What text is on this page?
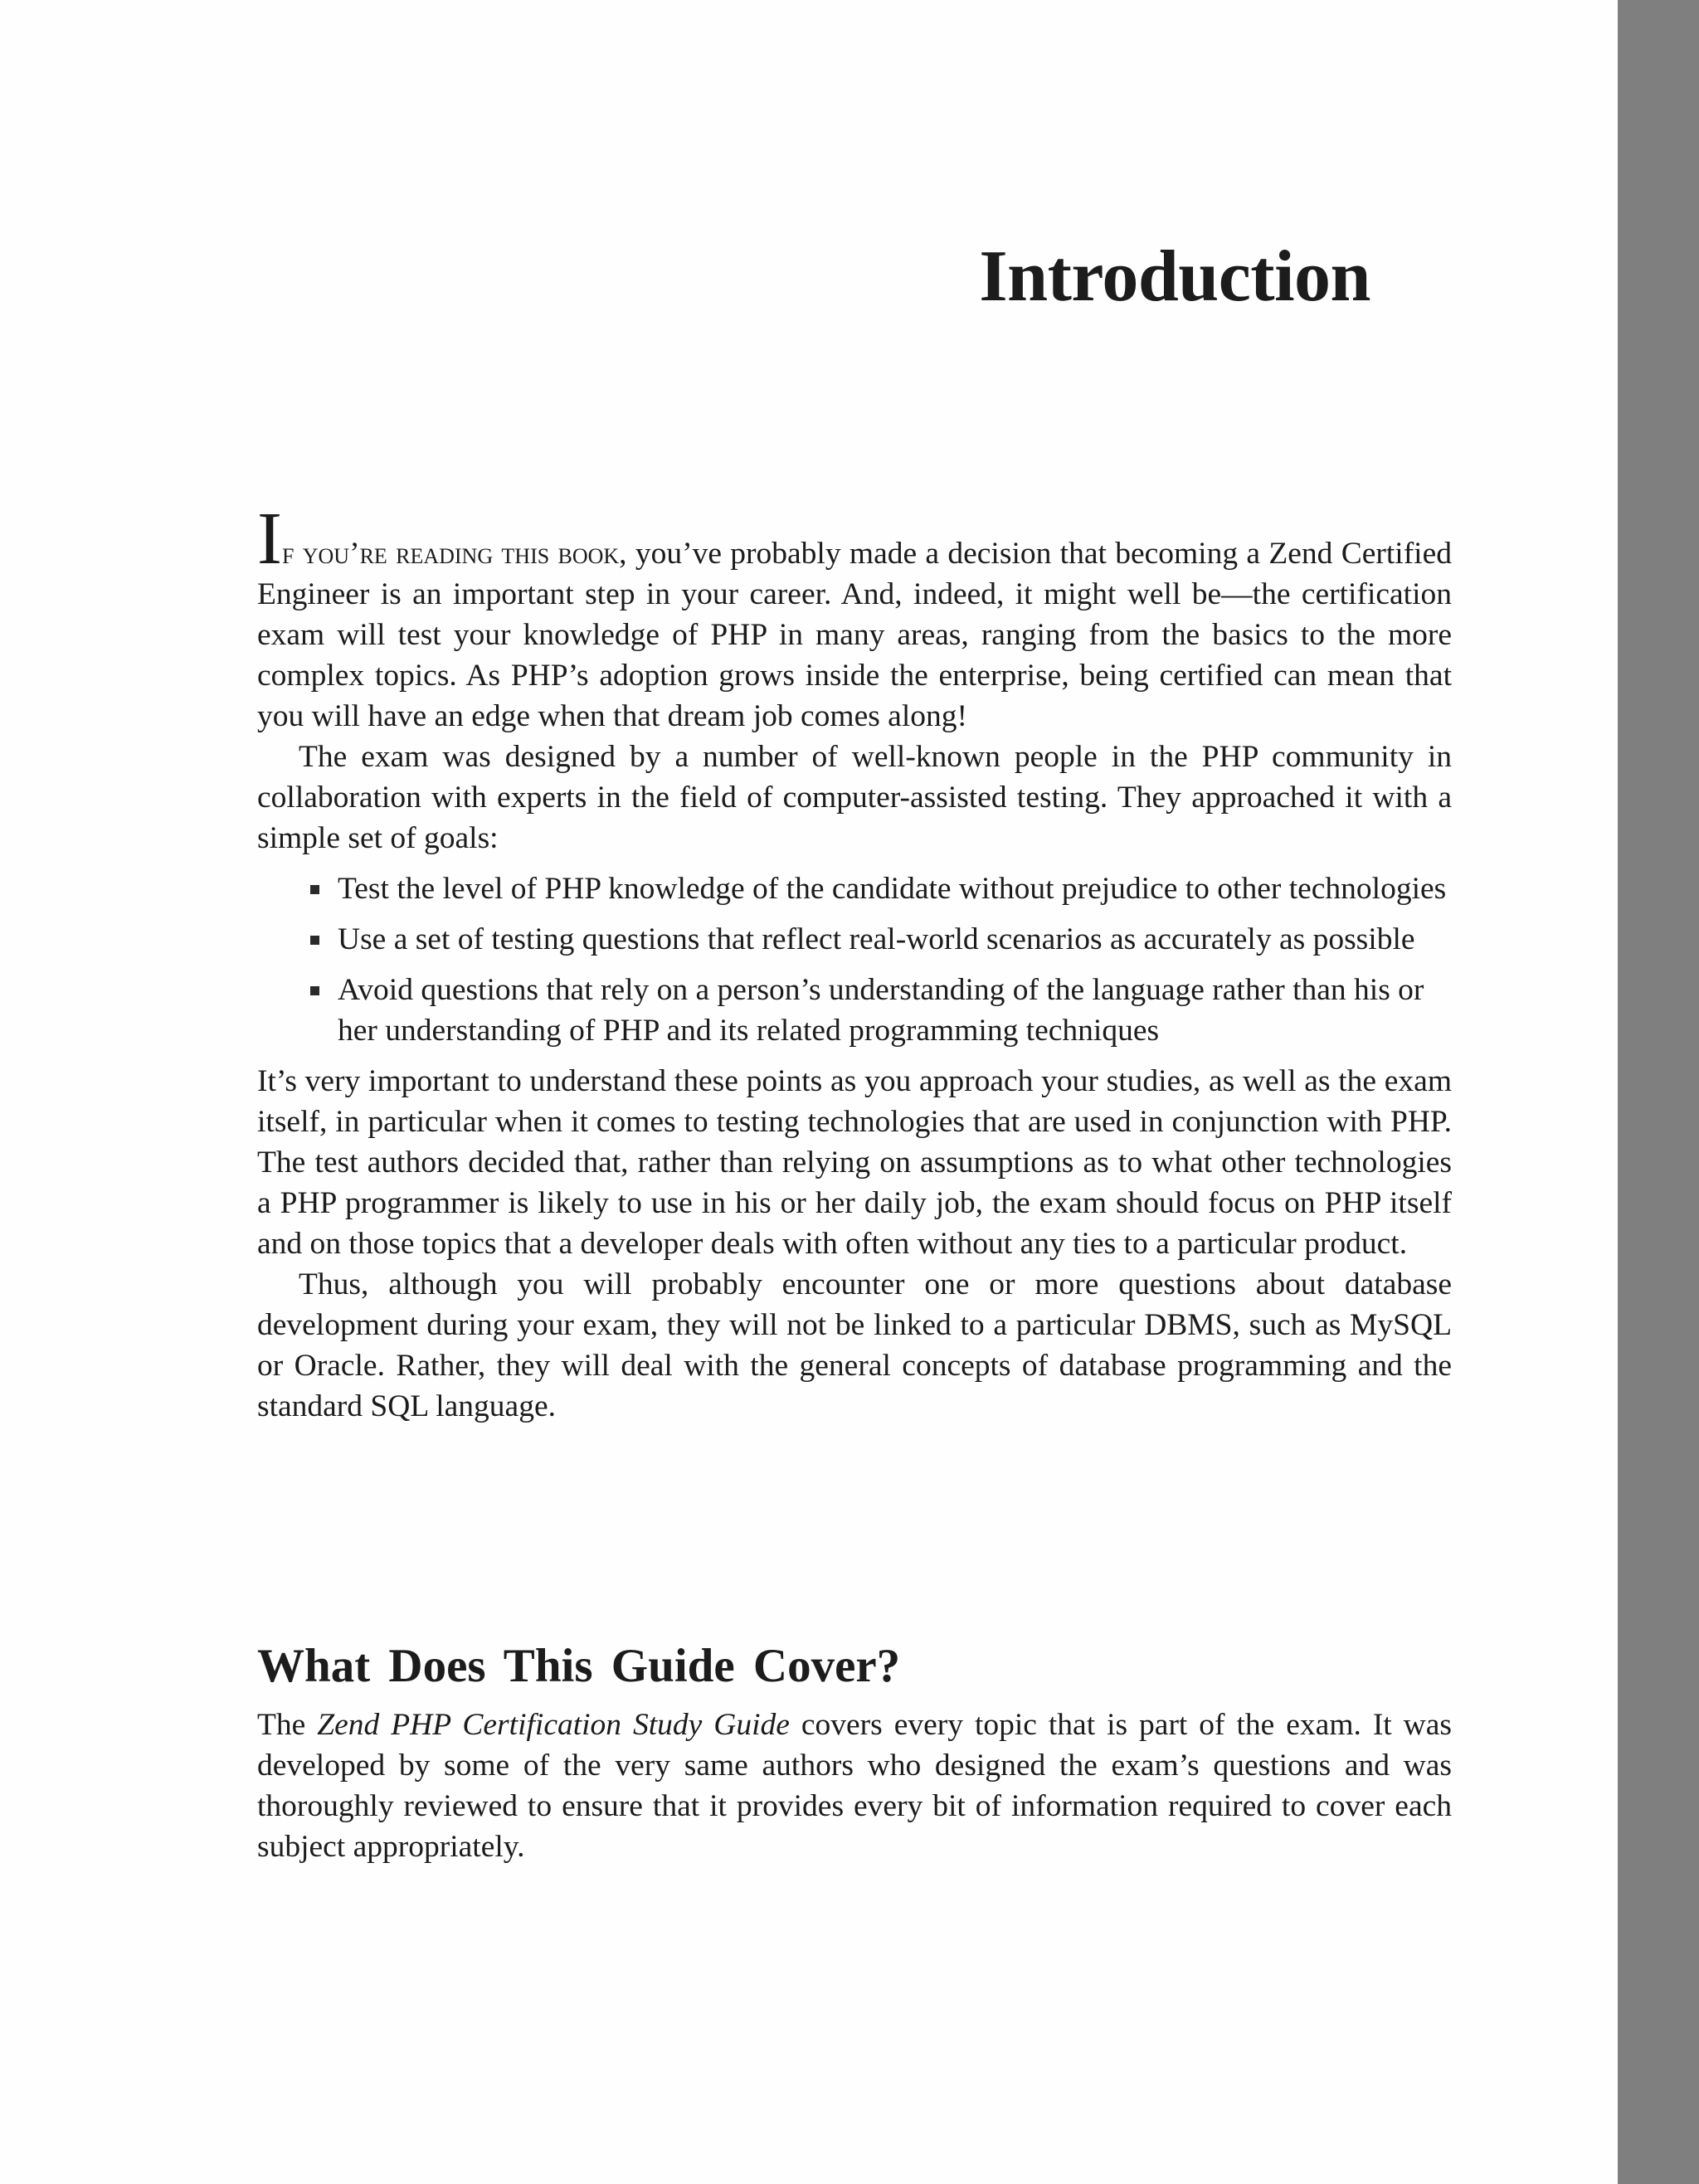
Introduction

If you’re reading this book, you’ve probably made a decision that becoming a Zend Certified Engineer is an important step in your career. And, indeed, it might well be—the certification exam will test your knowledge of PHP in many areas, ranging from the basics to the more complex topics. As PHP’s adoption grows inside the enterprise, being certified can mean that you will have an edge when that dream job comes along!

The exam was designed by a number of well-known people in the PHP community in collaboration with experts in the field of computer-assisted testing. They approached it with a simple set of goals:

Test the level of PHP knowledge of the candidate without prejudice to other technologies
Use a set of testing questions that reflect real-world scenarios as accurately as possible
Avoid questions that rely on a person’s understanding of the language rather than his or her understanding of PHP and its related programming techniques

It’s very important to understand these points as you approach your studies, as well as the exam itself, in particular when it comes to testing technologies that are used in conjunction with PHP. The test authors decided that, rather than relying on assumptions as to what other technologies a PHP programmer is likely to use in his or her daily job, the exam should focus on PHP itself and on those topics that a developer deals with often without any ties to a particular product.

Thus, although you will probably encounter one or more questions about database development during your exam, they will not be linked to a particular DBMS, such as MySQL or Oracle. Rather, they will deal with the general concepts of database programming and the standard SQL language.

What Does This Guide Cover?

The Zend PHP Certification Study Guide covers every topic that is part of the exam. It was developed by some of the very same authors who designed the exam’s questions and was thoroughly reviewed to ensure that it provides every bit of information required to cover each subject appropriately.
